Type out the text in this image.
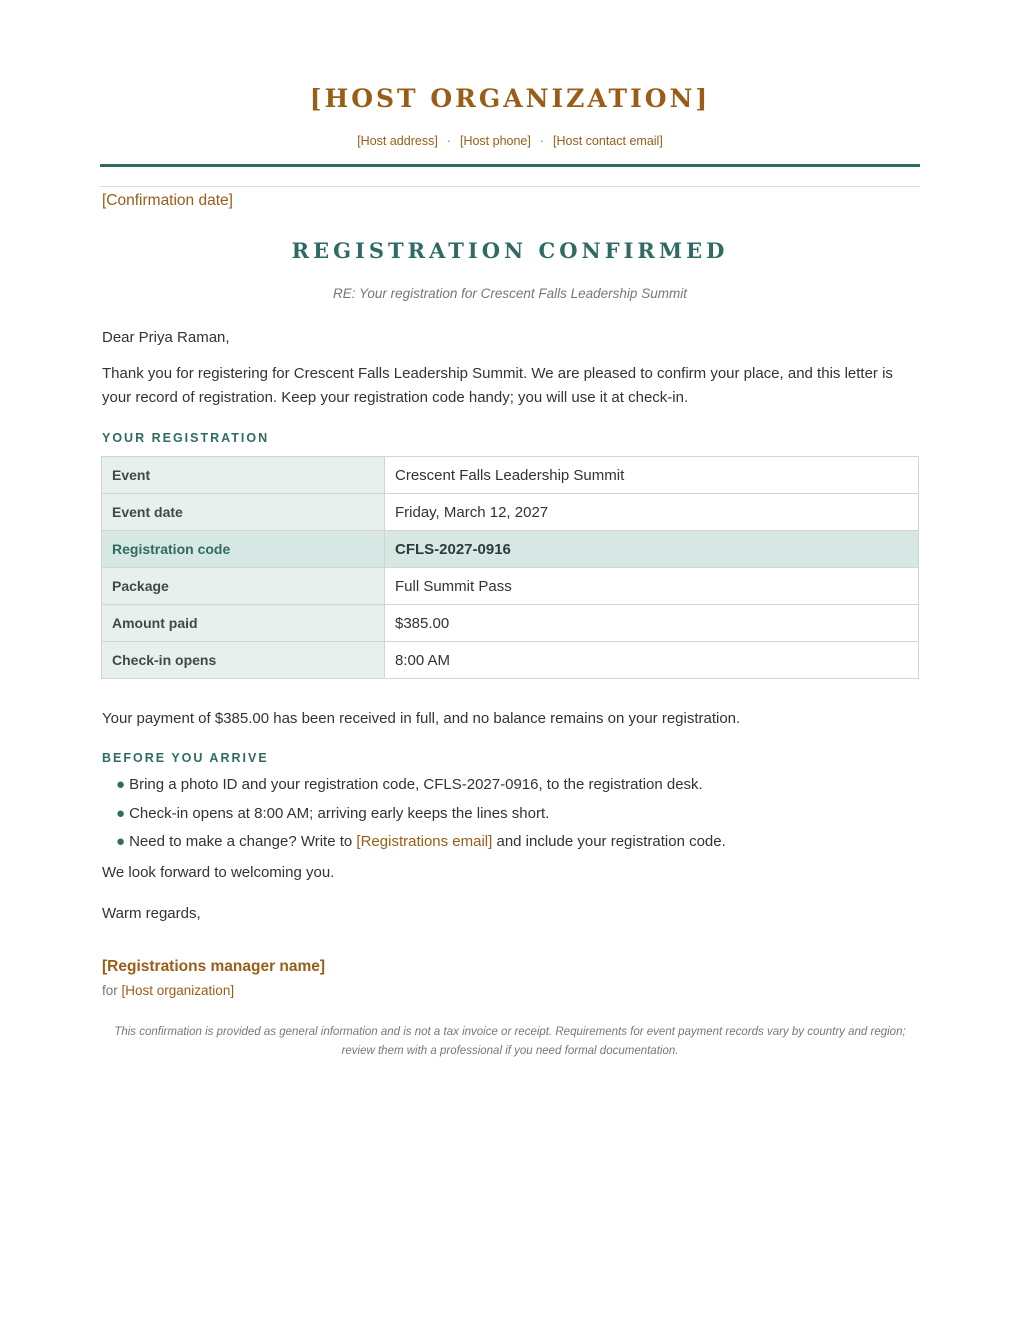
[HOST ORGANIZATION]
[Host address] · [Host phone] · [Host contact email]
[Confirmation date]
REGISTRATION CONFIRMED
RE: Your registration for Crescent Falls Leadership Summit
Dear Priya Raman,
Thank you for registering for Crescent Falls Leadership Summit. We are pleased to confirm your place, and this letter is your record of registration. Keep your registration code handy; you will use it at check-in.
YOUR REGISTRATION
Event	Crescent Falls Leadership Summit
Event date	Friday, March 12, 2027
Registration code	CFLS-2027-0916
Package	Full Summit Pass
Amount paid	$385.00
Check-in opens	8:00 AM
Your payment of $385.00 has been received in full, and no balance remains on your registration.
BEFORE YOU ARRIVE
● Bring a photo ID and your registration code, CFLS-2027-0916, to the registration desk.
● Check-in opens at 8:00 AM; arriving early keeps the lines short.
● Need to make a change? Write to [Registrations email] and include your registration code.
We look forward to welcoming you.
Warm regards,
[Registrations manager name]
for [Host organization]
This confirmation is provided as general information and is not a tax invoice or receipt. Requirements for event payment records vary by country and region; review them with a professional if you need formal documentation.
